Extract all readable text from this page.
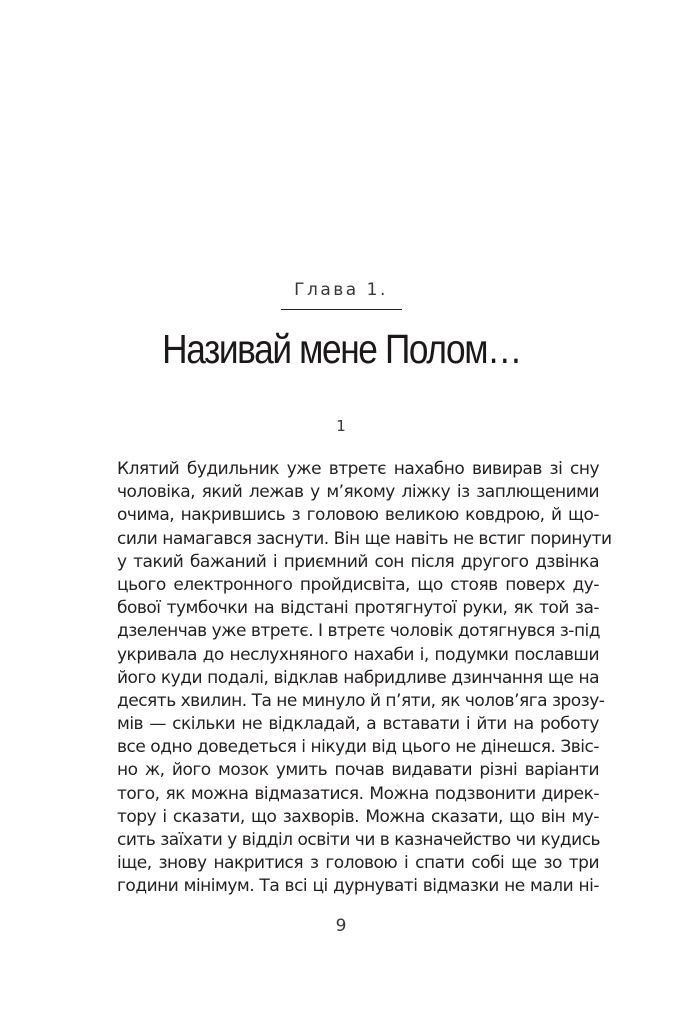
Глава 1.
Називай мене Полом…
1
Клятий будильник уже втретє нахабно вивирав зі сну
чоловіка, який лежав у м’якому ліжку із заплющеними
очима, накрившись з головою великою ковдрою, й що-
сили намагався заснути. Він ще навіть не встиг поринути
у такий бажаний і приємний сон після другого дзвінка
цього електронного пройдисвіта, що стояв поверх ду-
бової тумбочки на відстані протягнутої руки, як той за-
дзеленчав уже втретє. І втретє чоловік дотягнувся з-під
укривала до неслухняного нахаби і, подумки пославши
його куди подалі, відклав набридливе дзинчання ще на
десять хвилин. Та не минуло й п’яти, як чолов’яга зрозу-
мів — скільки не відкладай, а вставати і йти на роботу
все одно доведеться і нікуди від цього не дінешся. Звіс-
но ж, його мозок умить почав видавати різні варіанти
того, як можна відмазатися. Можна подзвонити дирек-
тору і сказати, що захворів. Можна сказати, що він му-
сить заїхати у відділ освіти чи в казначейство чи кудись
іще, знову накритися з головою і спати собі ще зо три
години мінімум. Та всі ці дурнуваті відмазки не мали ні-
9
